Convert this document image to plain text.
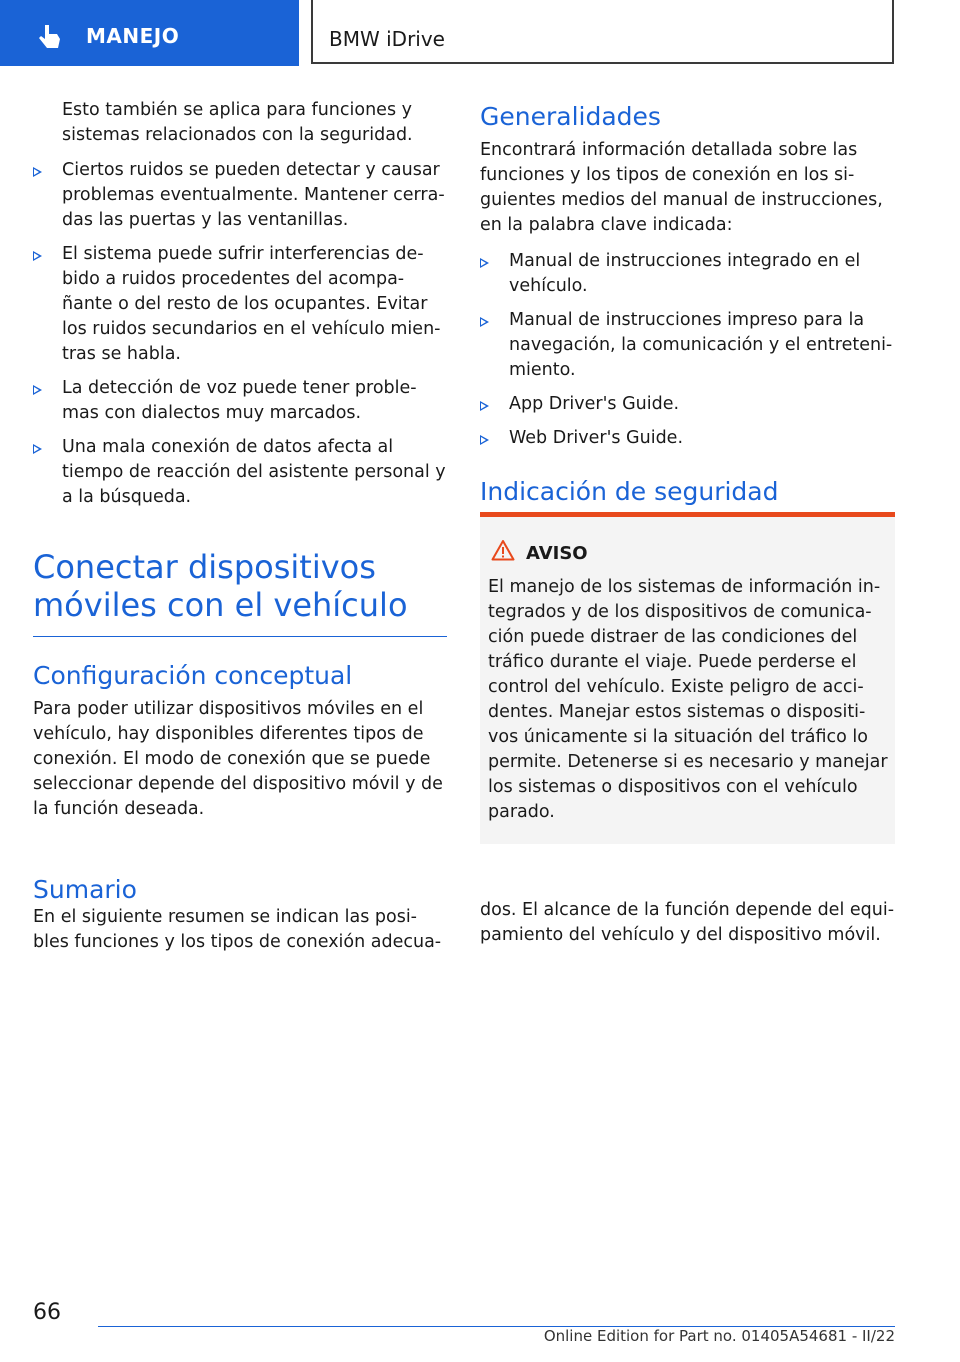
MANEJO	BMW iDrive

Esto también se aplica para funciones y sistemas relacionados con la seguridad.

Ciertos ruidos se pueden detectar y causar problemas eventualmente. Mantener cerra- das las puertas y las ventanillas.
El sistema puede sufrir interferencias de- bido a ruidos procedentes del acompa- ñante o del resto de los ocupantes. Evitar los ruidos secundarios en el vehículo mien- tras se habla.
La detección de voz puede tener proble- mas con dialectos muy marcados.
Una mala conexión de datos afecta al tiempo de reacción del asistente personal y a la búsqueda.
Conectar dispositivos móviles con el vehículo
Configuración conceptual

Para poder utilizar dispositivos móviles en el vehículo, hay disponibles diferentes tipos de conexión. El modo de conexión que se puede seleccionar depende del dispositivo móvil y de la función deseada.

Sumario

En el siguiente resumen se indican las posi- bles funciones y los tipos de conexión adecua-

Generalidades

Encontrará información detallada sobre las funciones y los tipos de conexión en los si- guientes medios del manual de instrucciones, en la palabra clave indicada:

Manual de instrucciones integrado en el vehículo.
Manual de instrucciones impreso para la navegación, la comunicación y el entreteni- miento.
App Driver's Guide.
Web Driver's Guide.
Indicación de seguridad
AVISO
El manejo de los sistemas de información in- tegrados y de los dispositivos de comunica- ción puede distraer de las condiciones del tráfico durante el viaje. Puede perderse el control del vehículo. Existe peligro de acci- dentes. Manejar estos sistemas o dispositi- vos únicamente si la situación del tráfico lo permite. Detenerse si es necesario y manejar los sistemas o dispositivos con el vehículo parado.

dos. El alcance de la función depende del equi- pamiento del vehículo y del dispositivo móvil.

66
Online Edition for Part no. 01405A54681 - II/22
